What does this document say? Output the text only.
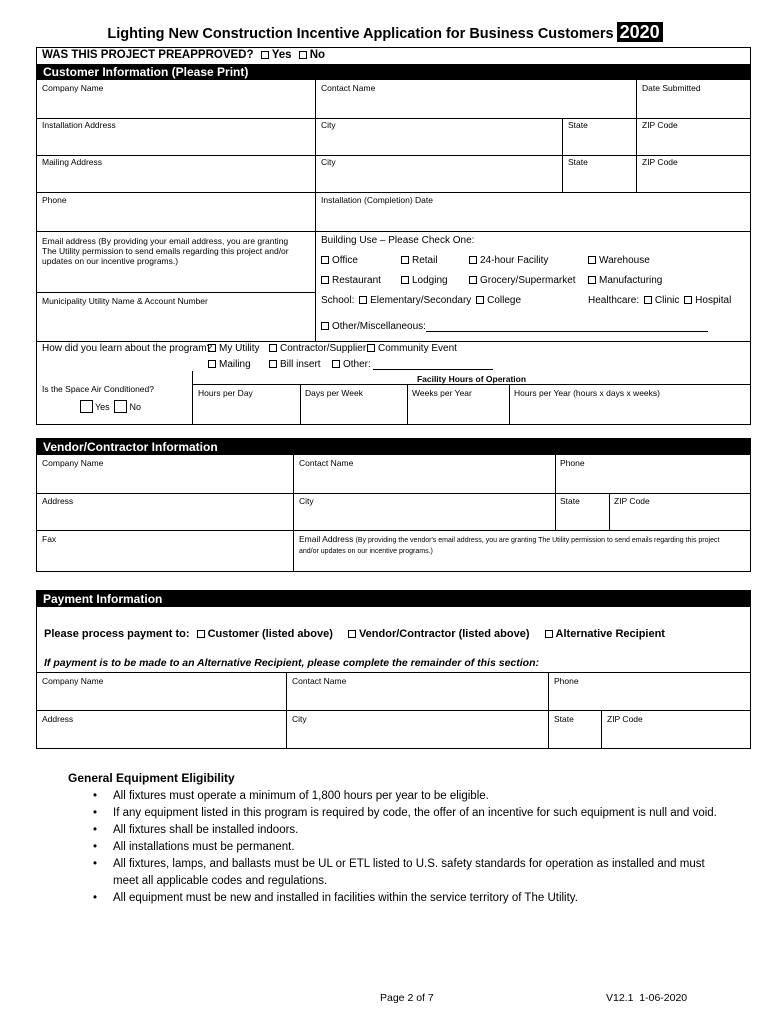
Lighting New Construction Incentive Application for Business Customers 2020
WAS THIS PROJECT PREAPPROVED? Yes No
Customer Information (Please Print)
Company Name	Contact Name	Date Submitted
Installation Address	City	State	ZIP Code
Mailing Address	City	State	ZIP Code
Phone	Installation (Completion) Date
Email address (By providing your email address, you are granting The Utility permission to send emails regarding this project and/or updates on our incentive programs.)
Municipality Utility Name & Account Number
Building Use – Please Check One:
Office	Retail	24-hour Facility	Warehouse
Restaurant	Lodging	Grocery/Supermarket	Manufacturing
School: Elementary/Secondary College	Healthcare: Clinic Hospital
Other/Miscellaneous:
How did you learn about the program? My Utility	Contractor/Supplier	Community Event
Mailing	Bill insert	Other:
Is the Space Air Conditioned?
Yes No
Facility Hours of Operation
Hours per Day	Days per Week	Weeks per Year	Hours per Year (hours x days x weeks)
Vendor/Contractor Information
Company Name	Contact Name	Phone
Address	City	State	ZIP Code
Fax	Email Address (By providing the vendor's email address, you are granting The Utility permission to send emails regarding this project and/or updates on our incentive programs.)
Payment Information
Please process payment to: Customer (listed above) Vendor/Contractor (listed above) Alternative Recipient
If payment is to be made to an Alternative Recipient, please complete the remainder of this section:
Company Name	Contact Name	Phone
Address	City	State	ZIP Code
General Equipment Eligibility
• All fixtures must operate a minimum of 1,800 hours per year to be eligible.
• If any equipment listed in this program is required by code, the offer of an incentive for such equipment is null and void.
• All fixtures shall be installed indoors.
• All installations must be permanent.
• All fixtures, lamps, and ballasts must be UL or ETL listed to U.S. safety standards for operation as installed and must meet all applicable codes and regulations.
• All equipment must be new and installed in facilities within the service territory of The Utility.
Page 2 of 7	V12.1  1-06-2020
